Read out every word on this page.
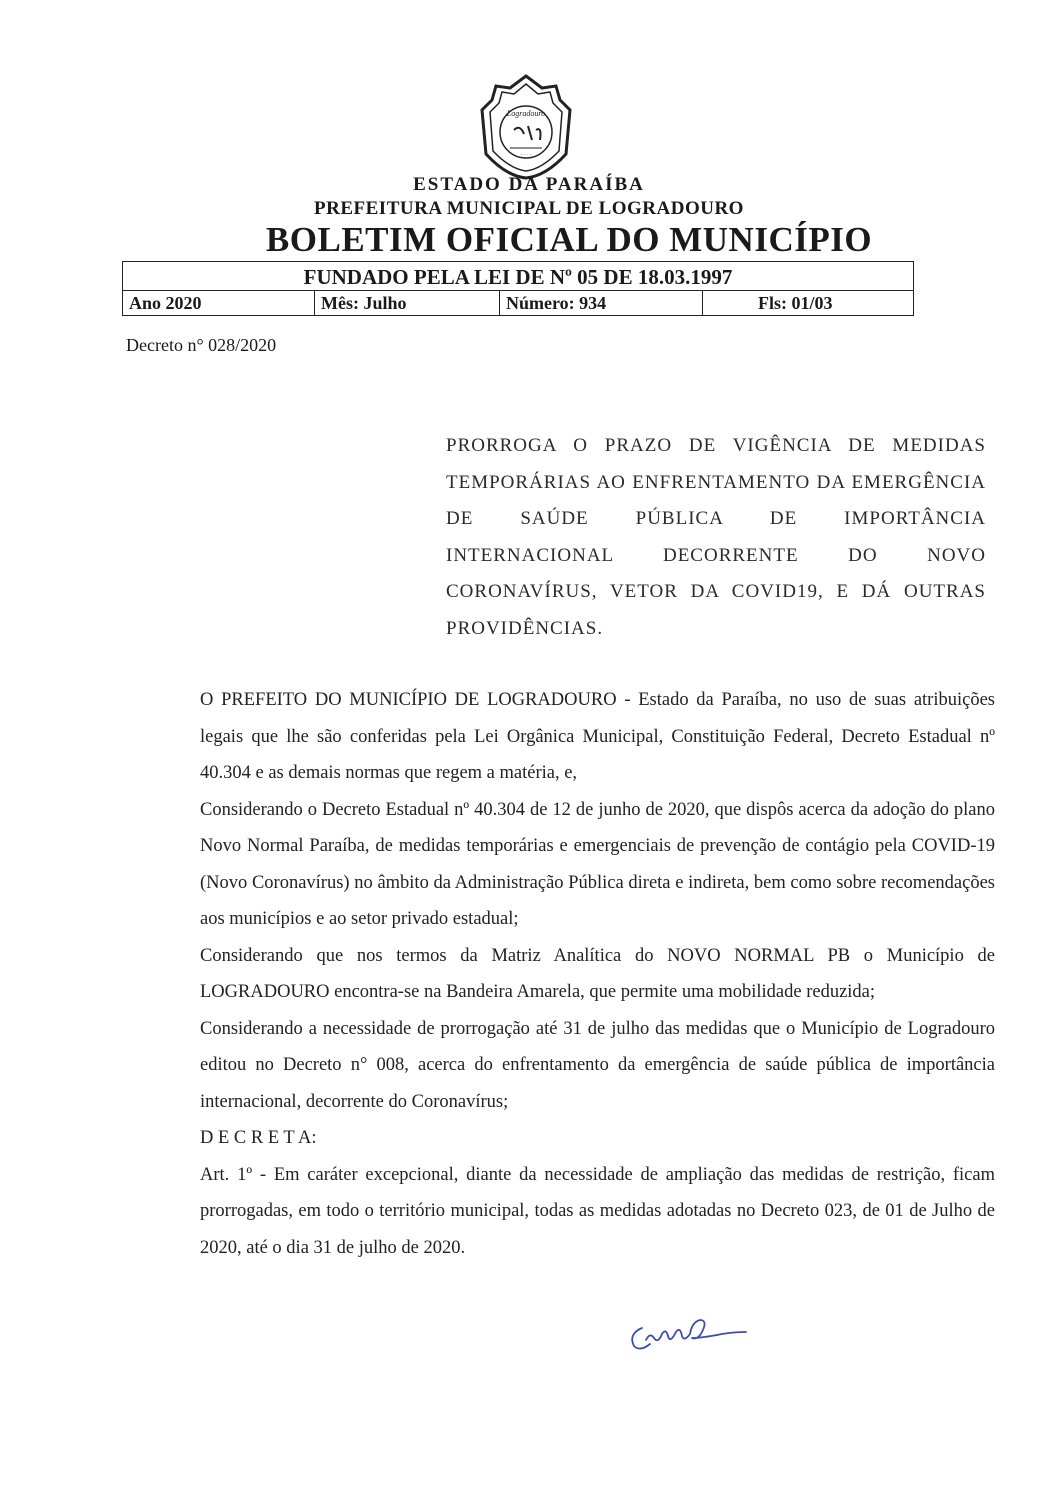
Logradouro
· · · ·
ESTADO DA PARAÍBA
PREFEITURA MUNICIPAL DE LOGRADOURO
BOLETIM OFICIAL DO MUNICÍPIO
FUNDADO PELA LEI DE Nº 05 DE 18.03.1997
Ano 2020	Mês: Julho	Número: 934	Fls: 01/03
Decreto n° 028/2020
PRORROGA O PRAZO DE VIGÊNCIA DE MEDIDAS TEMPORÁRIAS AO ENFRENTAMENTO DA EMERGÊNCIA DE SAÚDE PÚBLICA DE IMPORTÂNCIA INTERNACIONAL DECORRENTE DO NOVO CORONAVÍRUS, VETOR DA COVID19, E DÁ OUTRAS PROVIDÊNCIAS.

O PREFEITO DO MUNICÍPIO DE LOGRADOURO - Estado da Paraíba, no uso de suas atribuições legais que lhe são conferidas pela Lei Orgânica Municipal, Constituição Federal, Decreto Estadual nº 40.304 e as demais normas que regem a matéria, e,

Considerando o Decreto Estadual nº 40.304 de 12 de junho de 2020, que dispôs acerca da adoção do plano Novo Normal Paraíba, de medidas temporárias e emergenciais de prevenção de contágio pela COVID-19 (Novo Coronavírus) no âmbito da Administração Pública direta e indireta, bem como sobre recomendações aos municípios e ao setor privado estadual;

Considerando que nos termos da Matriz Analítica do NOVO NORMAL PB o Município de LOGRADOURO encontra-se na Bandeira Amarela, que permite uma mobilidade reduzida;

Considerando a necessidade de prorrogação até 31 de julho das medidas que o Município de Logradouro editou no Decreto n° 008, acerca do enfrentamento da emergência de saúde pública de importância internacional, decorrente do Coronavírus;

D E C R E T A:

Art. 1º - Em caráter excepcional, diante da necessidade de ampliação das medidas de restrição, ficam prorrogadas, em todo o território municipal, todas as medidas adotadas no Decreto 023, de 01 de Julho de 2020, até o dia 31 de julho de 2020.
